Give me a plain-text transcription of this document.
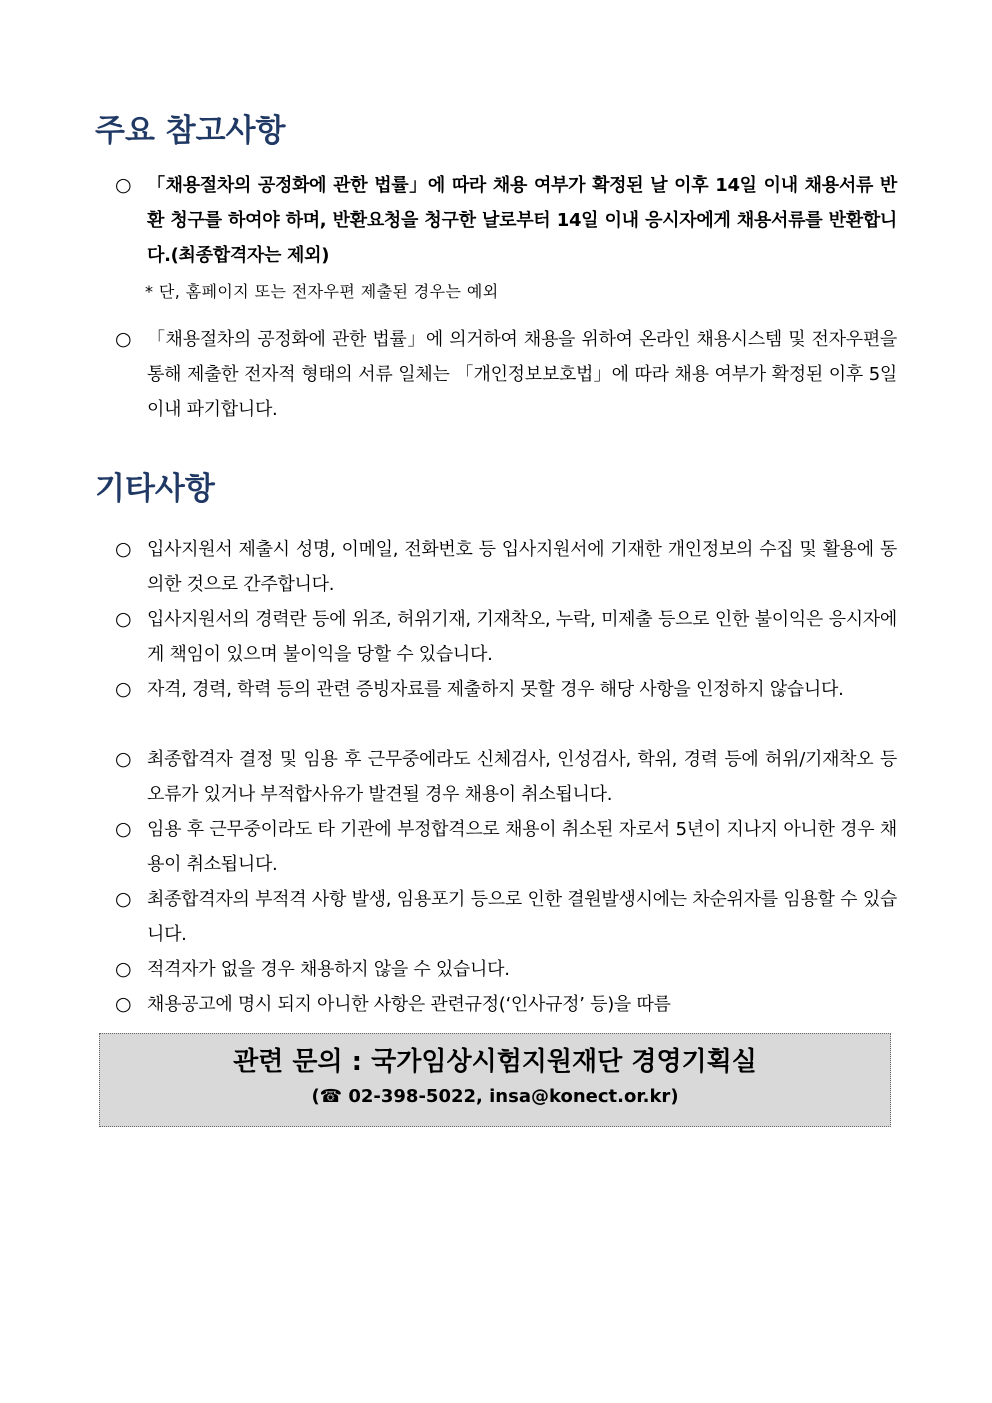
주요 참고사항
○ 「채용절차의 공정화에 관한 법률」에 따라 채용 여부가 확정된 날 이후 14일 이내 채용서류 반환 청구를 하여야 하며, 반환요청을 청구한 날로부터 14일 이내 응시자에게 채용서류를 반환합니다.(최종합격자는 제외)
* 단, 홈페이지 또는 전자우편 제출된 경우는 예외
○ 「채용절차의 공정화에 관한 법률」에 의거하여 채용을 위하여 온라인 채용시스템 및 전자우편을 통해 제출한 전자적 형태의 서류 일체는 「개인정보보호법」에 따라 채용 여부가 확정된 이후 5일 이내 파기합니다.
기타사항
○ 입사지원서 제출시 성명, 이메일, 전화번호 등 입사지원서에 기재한 개인정보의 수집 및 활용에 동의한 것으로 간주합니다.
○ 입사지원서의 경력란 등에 위조, 허위기재, 기재착오, 누락, 미제출 등으로 인한 불이익은 응시자에게 책임이 있으며 불이익을 당할 수 있습니다.
○ 자격, 경력, 학력 등의 관련 증빙자료를 제출하지 못할 경우 해당 사항을 인정하지 않습니다.
○ 최종합격자 결정 및 임용 후 근무중에라도 신체검사, 인성검사, 학위, 경력 등에 허위/기재착오 등 오류가 있거나 부적합사유가 발견될 경우 채용이 취소됩니다.
○ 임용 후 근무중이라도 타 기관에 부정합격으로 채용이 취소된 자로서 5년이 지나지 아니한 경우 채용이 취소됩니다.
○ 최종합격자의 부적격 사항 발생, 임용포기 등으로 인한 결원발생시에는 차순위자를 임용할 수 있습니다.
○ 적격자가 없을 경우 채용하지 않을 수 있습니다.
○ 채용공고에 명시 되지 아니한 사항은 관련규정(‘인사규정’ 등)을 따름
관련 문의 : 국가임상시험지원재단 경영기획실
(☎ 02-398-5022, insa@konect.or.kr)
